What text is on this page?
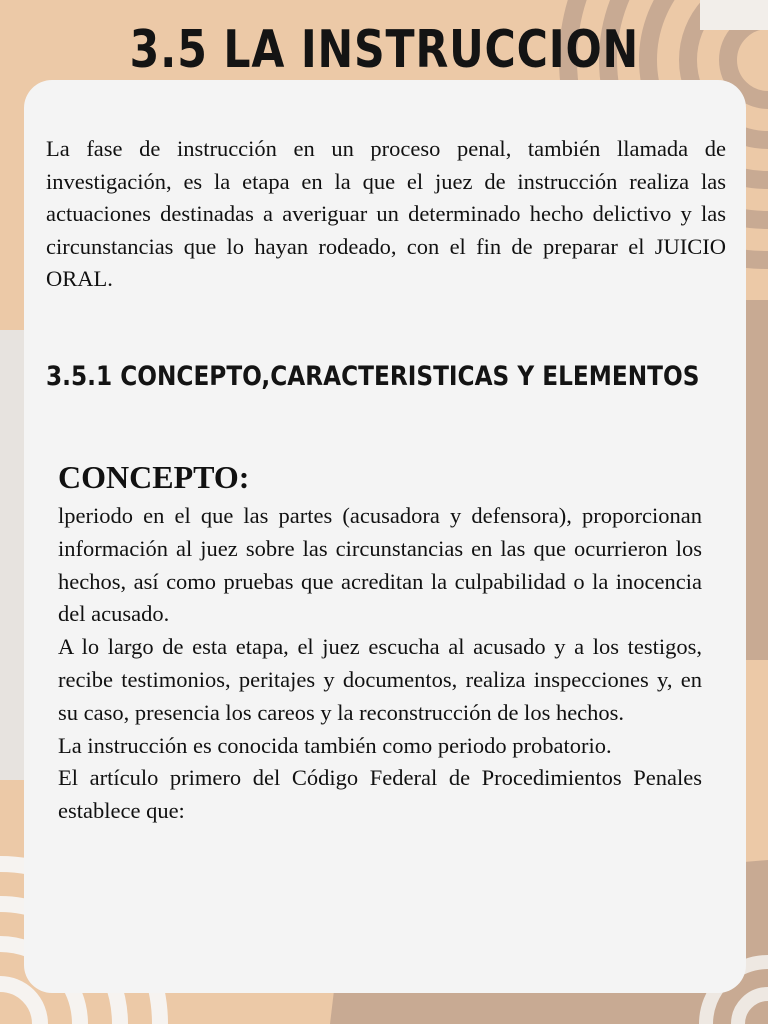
3.5 LA INSTRUCCION

La fase de instrucción en un proceso penal, también llamada de investigación, es la etapa en la que el juez de instrucción realiza las actuaciones destinadas a averiguar un determinado hecho delictivo y las circunstancias que lo hayan rodeado, con el fin de preparar el JUICIO ORAL.

3.5.1 CONCEPTO,CARACTERISTICAS Y ELEMENTOS
CONCEPTO:

lperiodo en el que las partes (acusadora y defensora), proporcionan información al juez sobre las circunstancias en las que ocurrieron los hechos, así como pruebas que acreditan la culpabilidad o la inocencia del acusado.

A lo largo de esta etapa, el juez escucha al acusado y a los testigos, recibe testimonios, peritajes y documentos, realiza inspecciones y, en su caso, presencia los careos y la reconstrucción de los hechos.

La instrucción es conocida también como periodo probatorio.

El artículo primero del Código Federal de Procedimientos Penales establece que:
